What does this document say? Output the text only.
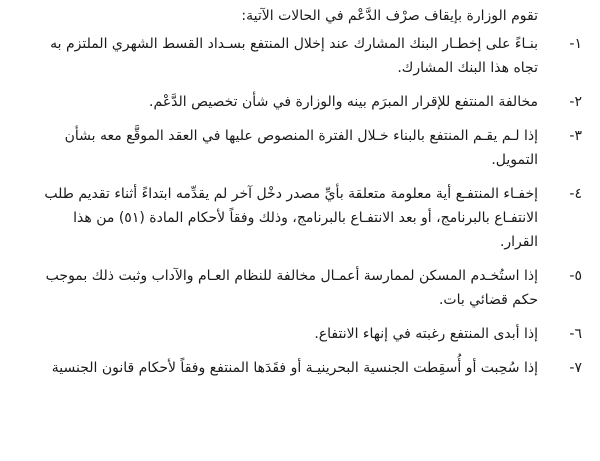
تقوم الوزارة بإيقاف صرْف الدَّعْم في الحالات الآتية:
١-
بنـاءً على إخطـار البنك المشارك عند إخلال المنتفع بسـداد القسط الشهري الملتزم به
تجاه هذا البنك المشارك.
٢-
مخالفة المنتفع للإقرار المبرَم بينه والوزارة في شأن تخصيص الدَّعْم.
٣-
إذا لـم يقـم المنتفع بالبناء خـلال الفترة المنصوص عليها في العقد الموقَّع معه بشأن
التمويل.
٤-
إخفـاء المنتفـع أية معلومة متعلقة بأيِّ مصدر دخْل آخر لم يقدِّمه ابتداءً أثناء تقديم طلب
الانتفـاع بالبرنامج، أو بعد الانتفـاع بالبرنامج، وذلك وفقاً لأحكام المادة (٥١) من هذا
القرار.
٥-
إذا استُخـدم المسكن لممارسة أعمـال مخالفة للنظام العـام والآداب وثبت ذلك بموجب
حكم قضائي بات.
٦-
إذا أبدى المنتفع رغبته في إنهاء الانتفاع.
٧-
إذا سُحِبت أو أُسقِطت الجنسية البحرينيـة أو فقَدَها المنتفع وفقاً لأحكام قانون الجنسية
